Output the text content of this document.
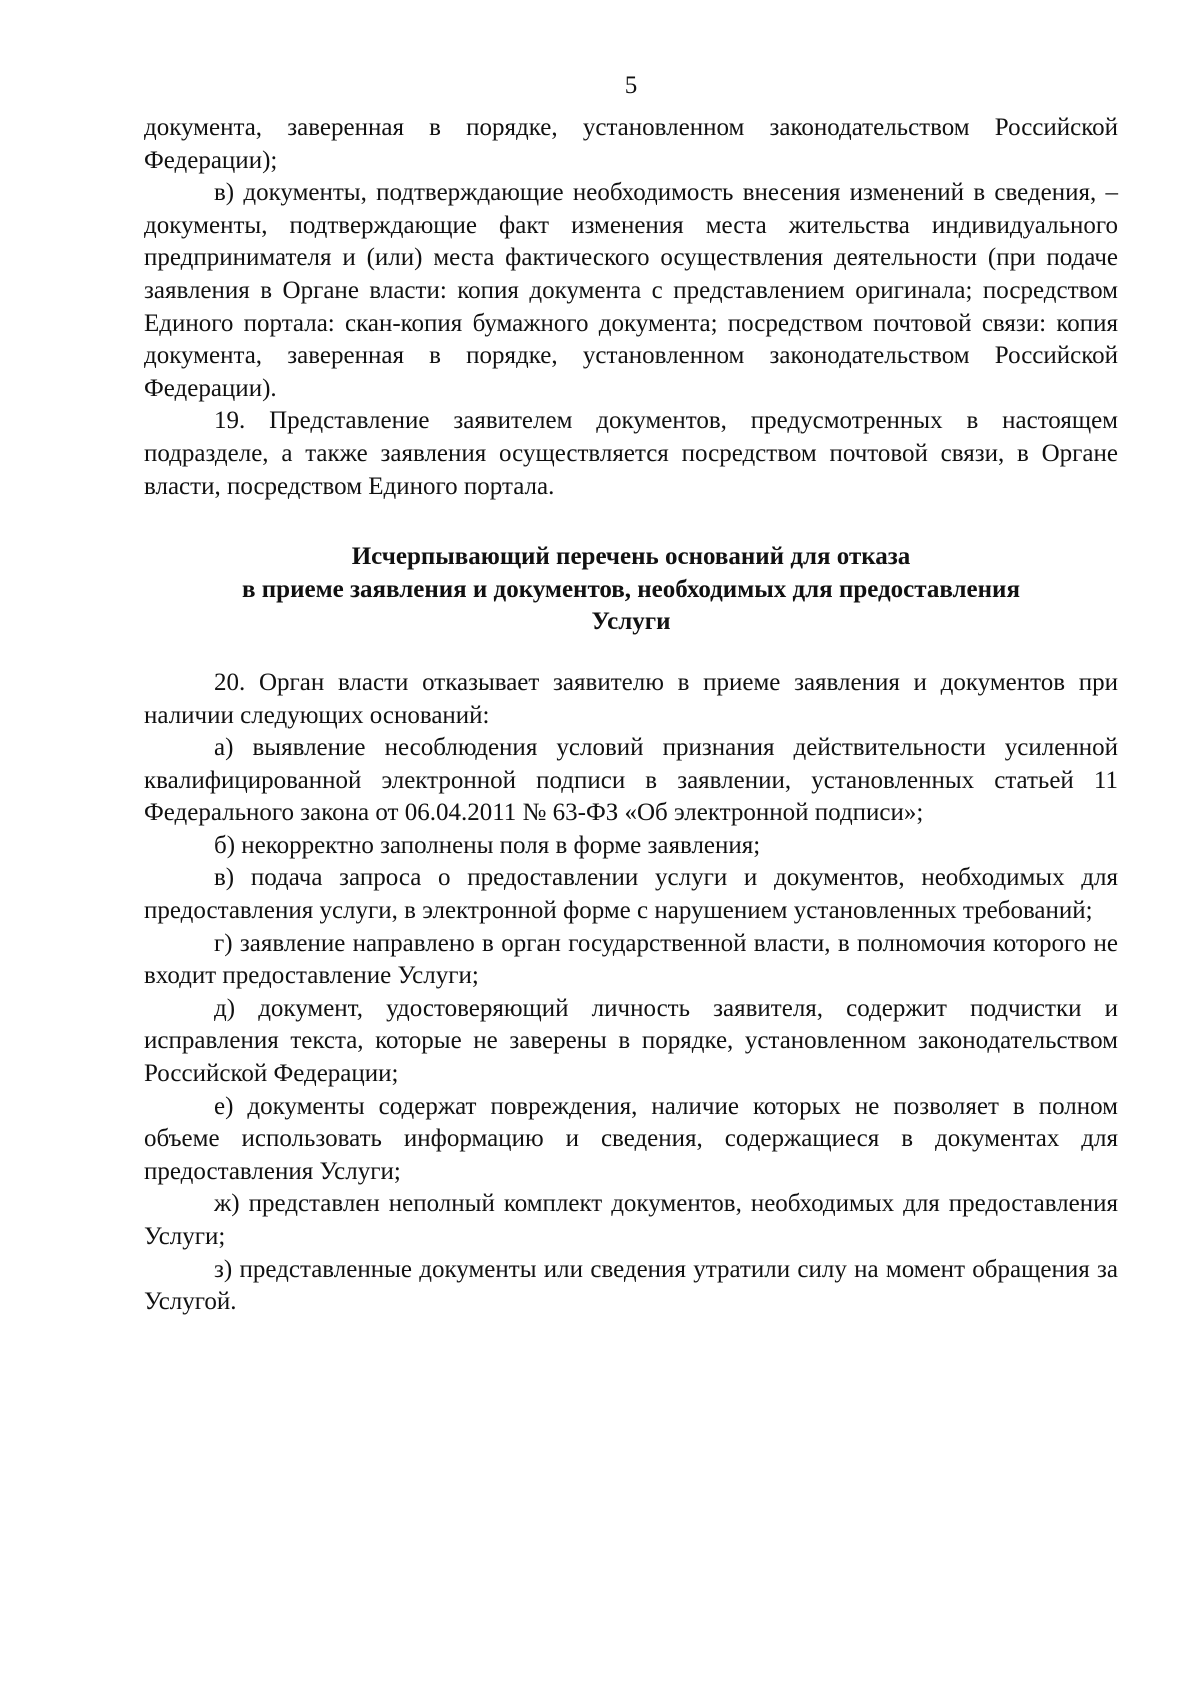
5

документа, заверенная в порядке, установленном законодательством Российской Федерации);

в) документы, подтверждающие необходимость внесения изменений в сведения, – документы, подтверждающие факт изменения места жительства индивидуального предпринимателя и (или) места фактического осуществления деятельности (при подаче заявления в Органе власти: копия документа с представлением оригинала; посредством Единого портала: скан-копия бумажного документа; посредством почтовой связи: копия документа, заверенная в порядке, установленном законодательством Российской Федерации).

19. Представление заявителем документов, предусмотренных в настоящем подразделе, а также заявления осуществляется посредством почтовой связи, в Органе власти, посредством Единого портала.

Исчерпывающий перечень оснований для отказа
в приеме заявления и документов, необходимых для предоставления
Услуги

20. Орган власти отказывает заявителю в приеме заявления и документов при наличии следующих оснований:

а) выявление несоблюдения условий признания действительности усиленной квалифицированной электронной подписи в заявлении, установленных статьей 11 Федерального закона от 06.04.2011 № 63-ФЗ «Об электронной подписи»;

б) некорректно заполнены поля в форме заявления;

в) подача запроса о предоставлении услуги и документов, необходимых для предоставления услуги, в электронной форме с нарушением установленных требований;

г) заявление направлено в орган государственной власти, в полномочия которого не входит предоставление Услуги;

д) документ, удостоверяющий личность заявителя, содержит подчистки и исправления текста, которые не заверены в порядке, установленном законодательством Российской Федерации;

е) документы содержат повреждения, наличие которых не позволяет в полном объеме использовать информацию и сведения, содержащиеся в документах для предоставления Услуги;

ж) представлен неполный комплект документов, необходимых для предоставления Услуги;

з) представленные документы или сведения утратили силу на момент обращения за Услугой.
